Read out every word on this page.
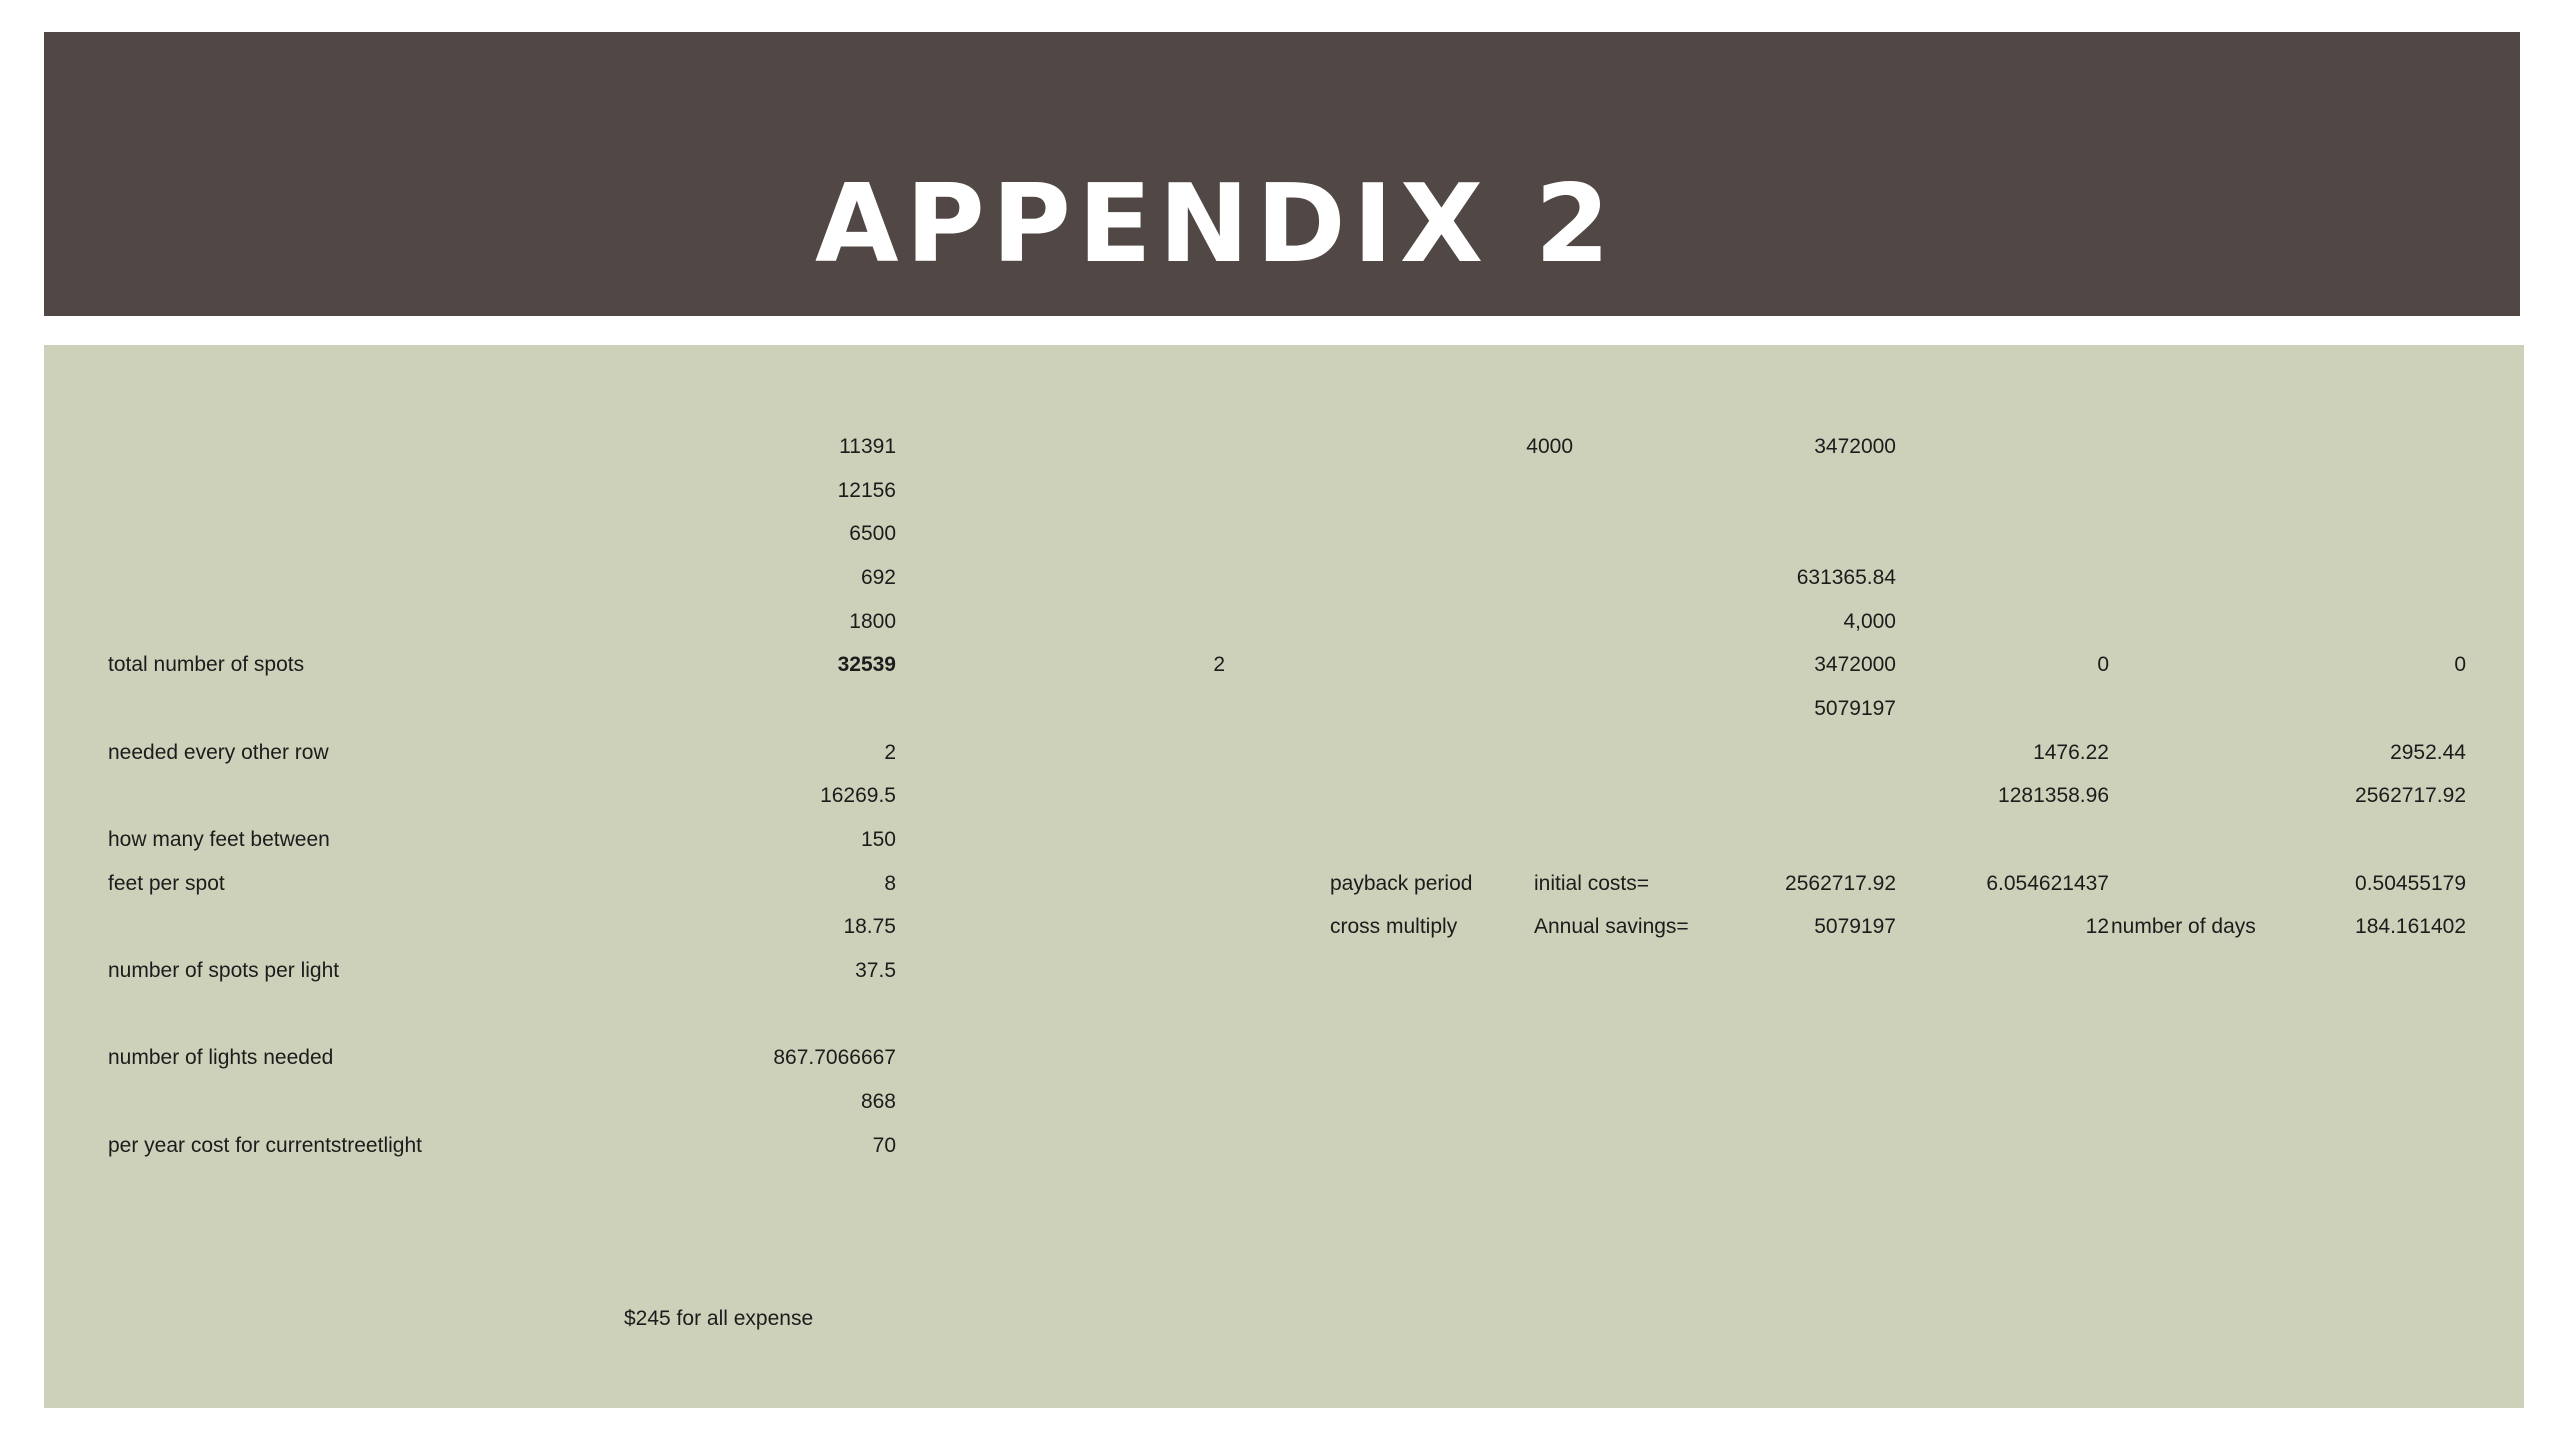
APPENDIX 2
total number of spots
needed every other row
how many feet between
feet per spot
number of spots per light
number of lights needed
per year cost for currentstreetlight
$245 for all expense
11391
12156
6500
692
1800
32539
2
16269.5
150
8
18.75
37.5
867.7066667
868
70
2
payback period
cross multiply
4000
initial costs=
Annual savings=
3472000
631365.84
4,000
3472000
5079197
2562717.92
5079197
0
1476.22
1281358.96
6.054621437
12 number of days
0
2952.44
2562717.92
0.50455179
184.161402
